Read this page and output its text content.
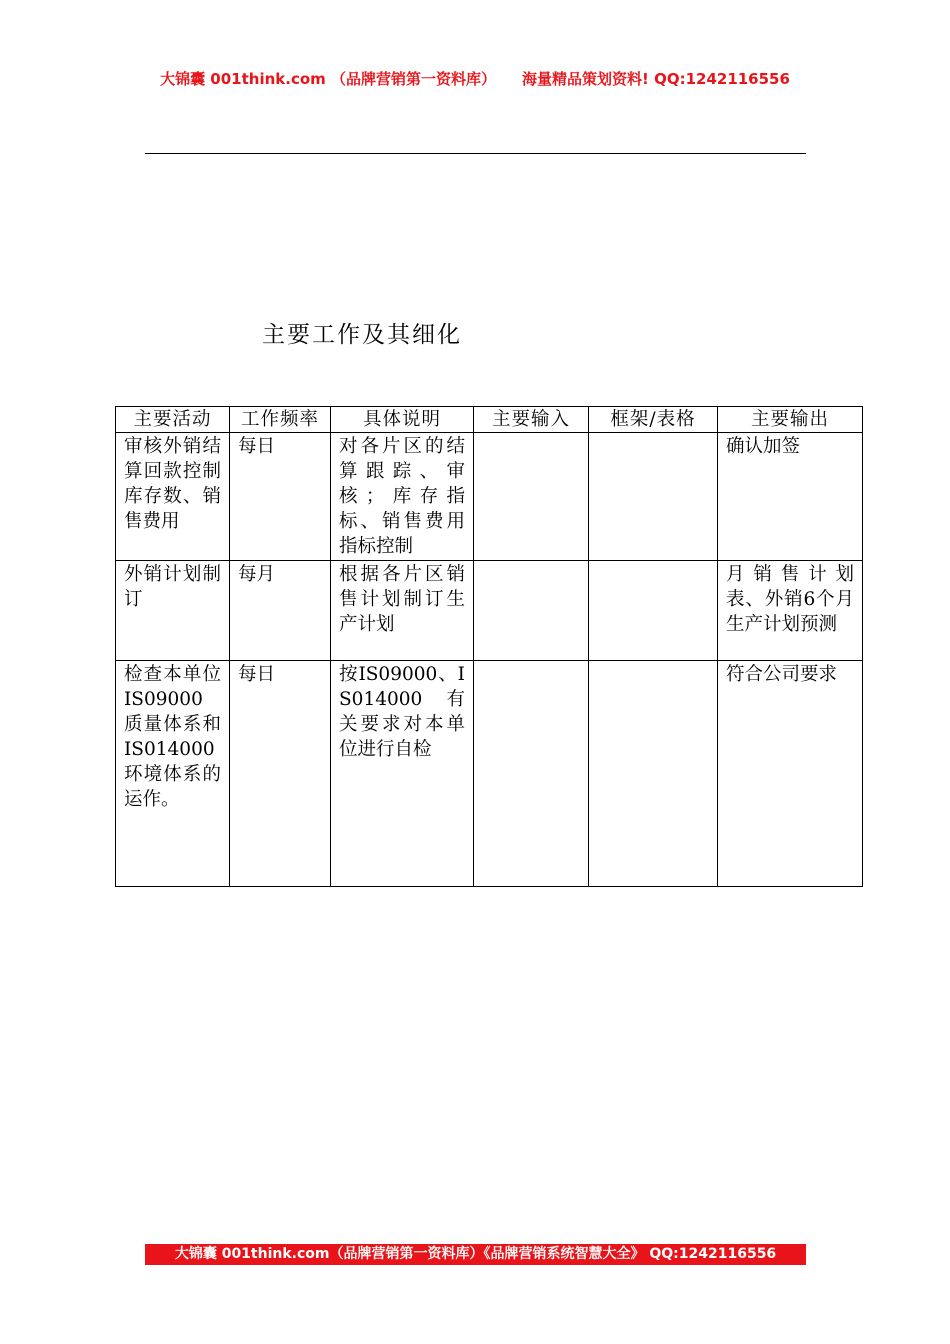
大锦囊 001think.com （品牌营销第一资料库） 海量精品策划资料! QQ:1242116556
主要工作及其细化
主要活动	工作频率	具体说明	主要输入	框架/表格	主要输出
审核外销结算回款控制库存数、销售费用	每日	对各片区的结算跟踪、审核；库存指标、销售费用指标控制			确认加签
外销计划制订	每月	根据各片区销售计划制订生产计划			月销售计划表、外销6个月生产计划预测
检查本单位IS09000质量体系和IS014000环境体系的运作。	每日	按IS09000、IS014000 有关要求对本单位进行自检			符合公司要求
大锦囊 001think.com（品牌营销第一资料库）《品牌营销系统智慧大全》 QQ:1242116556
